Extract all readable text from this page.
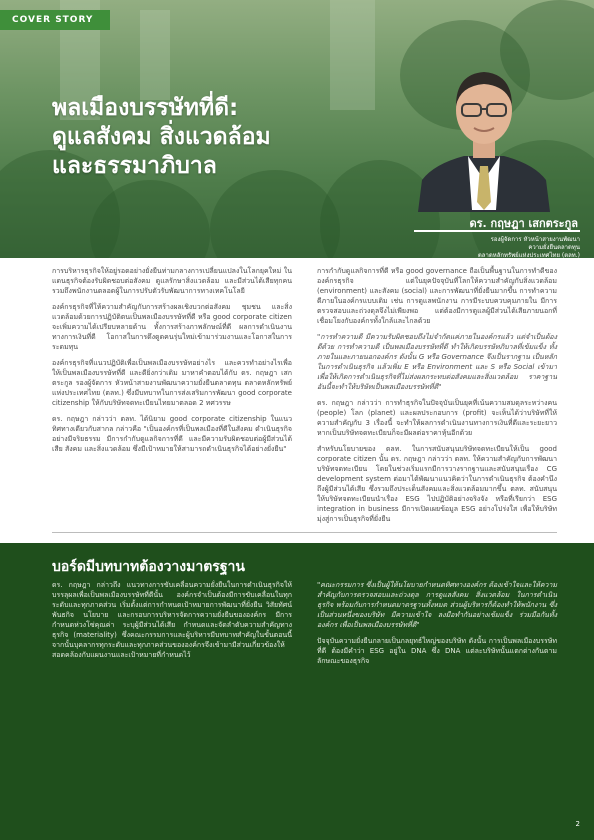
COVER STORY
พลเมืองบรรษัทที่ดี:
ดูแลสังคม สิ่งแวดล้อม
และธรรมาภิบาล
ดร. กฤษฎา เสกตระกูล
รองผู้จัดการ หัวหน้าสายงานพัฒนา
ความยั่งยืนตลาดทุน
ตลาดหลักทรัพย์แห่งประเทศไทย (ตลท.)

การบริหารธุรกิจให้อยู่รอดอย่างยั่งยืนท่ามกลางการเปลี่ยนแปลงในโลกยุคใหม่ ในแดนธุรกิจต้องรับผิดชอบต่อสังคม ดูแลรักษาสิ่งแวดล้อม และมีส่วนได้เสียทุกคน รวมถึงพนักงานตลอดผู้ในการปรับตัวรับพัฒนาการทางเทคโนโลยี

องค์กรธุรกิจที่ให้ความสำคัญกับการสร้างผลเชิงบวกต่อสังคม ชุมชน และสิ่งแวดล้อมด้วยการปฏิบัติตนเป็นพลเมืองบรรษัทที่ดี หรือ good corporate citizen จะเพิ่มความได้เปรียบหลายด้าน ทั้งการสร้างภาพลักษณ์ที่ดี ผลการดำเนินงานทางการเงินที่ดี โอกาสในการดึงดูดคนรุ่นใหม่เข้ามาร่วมงานและโอกาสในการระดมทุน

องค์กรธุรกิจที่แนวปฏิบัติเพื่อเป็นพลเมืองบรรษัทอย่างไร และควรทำอย่างไรเพื่อให้เป็นพลเมืองบรรษัทที่ดี และดียิ่งกว่าเดิม มาหาคำตอบได้กับ ดร. กฤษฎา เสกตระกูล รองผู้จัดการ หัวหน้าสายงานพัฒนาความยั่งยืนตลาดทุน ตลาดหลักทรัพย์แห่งประเทศไทย (ตลท.) ซึ่งมีบทบาทในการส่งเสริมการพัฒนา good corporate citizenship ให้กับบริษัทจดทะเบียนไทยมาตลอด 2 ทศวรรษ

ดร. กฤษฎา กล่าวว่า ตลท. ได้นิยาม good corporate citizenship ในแนวทิศทางเดียวกับสากล กล่าวคือ "เป็นองค์กรที่เป็นพลเมืองที่ดีในสังคม ดำเนินธุรกิจอย่างมีจริยธรรม มีการกำกับดูแลกิจการที่ดี และมีความรับผิดชอบต่อผู้มีส่วนได้เสีย สังคม และสิ่งแวดล้อม ซึ่งมีเป้าหมายให้สามารถดำเนินธุรกิจได้อย่างยั่งยืน"

การกำกับดูแลกิจการที่ดี หรือ good governance ถือเป็นพื้นฐานในการทำดีขององค์กรธุรกิจ แต่ในยุคปัจจุบันที่โลกให้ความสำคัญกับสิ่งแวดล้อม (environment) และสังคม (social) และการพัฒนาที่ยั่งยืนมากขึ้น การทำความดีภายในองค์กรแบบเดิม เช่น การดูแลพนักงาน การมีระบบควบคุมภายใน มีการตรวจสอบและถ่วงดุลจึงไม่เพียงพอ แต่ต้องมีการดูแลผู้มีส่วนได้เสียภายนอกที่เชื่อมโยงกับองค์กรทั้งใกล้และไกลด้วย

"การทำความดี มีความรับผิดชอบถึงไม่จำกัดแค่ภายในองค์กรแล้ว แต่จำเป็นต้องดีด้วย การทำความดี เป็นพลเมืองบรรษัทที่ดี ทำให้เกิดบรรษัทภิบาลที่เข้มแข็ง ทั้งภายในและภายนอกองค์กร ดังนั้น G หรือ Governance จึงเป็นรากฐาน เป็นหลักในการดำเนินธุรกิจ แล้วเพิ่ม E หรือ Environment และ S หรือ Social เข้ามา เพื่อให้เกิดการดำเนินธุรกิจที่ไม่ส่งผลกระทบต่อสังคมและสิ่งแวดล้อม ราคาฐานอันนี้จะทำให้บริษัทเป็นพลเมืองบรรษัทที่ดี"

ดร. กฤษฎา กล่าวว่า การทำธุรกิจในปัจจุบันเป็นยุคที่เน้นความสมดุลระหว่างคน (people) โลก (planet) และผลประกอบการ (profit) จะเห็นได้ว่าบริษัทที่ให้ความสำคัญกับ 3 เรื่องนี้ จะทำให้ผลการดำเนินงานทางการเงินที่ดีและระยะยาว หากเป็นบริษัทจดทะเบียนก็จะมีผลต่อราคาหุ้นอีกด้วย

สำหรับนโยบายของ ตลท. ในการสนับสนุนบริษัทจดทะเบียนให้เป็น good corporate citizen นั้น ดร. กฤษฎา กล่าวว่า ตลท. ให้ความสำคัญกับการพัฒนาบริษัทจดทะเบียน โดยในช่วงเริ่มแรกมีการวางรากฐานและสนับสนุนเรื่อง CG development system ต่อมาได้พัฒนาแนวคิดว่าในการดำเนินธุรกิจ ต้องคำนึงถึงผู้มีส่วนได้เสีย ซึ่งรวมถึงประเด็นสังคมและสิ่งแวดล้อมมากขึ้น ตลท. สนับสนุนให้บริษัทจดทะเบียนนำเรื่อง ESG ไปปฏิบัติอย่างจริงจัง หรือที่เรียกว่า ESG integration in business มีการเปิดเผยข้อมูล ESG อย่างโปร่งใส เพื่อให้บริษัทมุ่งสู่การเป็นธุรกิจที่ยั่งยืน

บอร์ดมีบทบาทต้องวางมาตรฐาน

ดร. กฤษฎา กล่าวถึง แนวทางการขับเคลื่อนความยั่งยืนในการดำเนินธุรกิจให้บรรลุผลเพื่อเป็นพลเมืองบรรษัทที่ดีนั้น องค์กรจำเป็นต้องมีการขับเคลื่อนในทุกระดับและทุกภาคส่วน เริ่มตั้งแต่การกำหนดเป้าหมายการพัฒนาที่ยั่งยืน วิสัยทัศน์ พันธกิจ นโยบาย และกรอบการบริหารจัดการความยั่งยืนขององค์กร มีการกำหนดห่วงโซ่คุณค่า ระบุผู้มีส่วนได้เสีย กำหนดและจัดลำดับความสำคัญทางธุรกิจ (materiality) ซึ่งคณะกรรมการและผู้บริหารมีบทบาทสำคัญในขั้นตอนนี้ จากนั้นบุคลากรทุกระดับและทุกภาคส่วนขององค์กรจึงเข้ามามีส่วนเกี่ยวข้องให้สอดคล้องกับแผนงานและเป้าหมายที่กำหนดไว้

"คณะกรรมการ ซึ่งเป็นผู้ให้นโยบายกำหนดทิศทางองค์กร ต้องเข้าใจและให้ความสำคัญกับการตรวจสอบและถ่วงดุล การดูแลสังคม สิ่งแวดล้อม ในการดำเนินธุรกิจ พร้อมกับการกำหนดมาตรฐานทั้งหมด ส่วนผู้บริหารก็ต้องทำให้พนักงาน ซึ่งเป็นส่วนหนึ่งของบริษัท มีความเข้าใจ ลงมือทำกันอย่างเข้มแข็ง ร่วมมือกันทั้งองค์กร เพื่อเป็นพลเมืองบรรษัทที่ดี"

ปัจจุบันความยั่งยืนกลายเป็นกลยุทธ์ใหญ่ของบริษัท ดังนั้น การเป็นพลเมืองบรรษัทที่ดี ต้องมีคำว่า ESG อยู่ใน DNA ซึ่ง DNA แต่ละบริษัทนั้นแตกต่างกันตามลักษณะของธุรกิจ

2
